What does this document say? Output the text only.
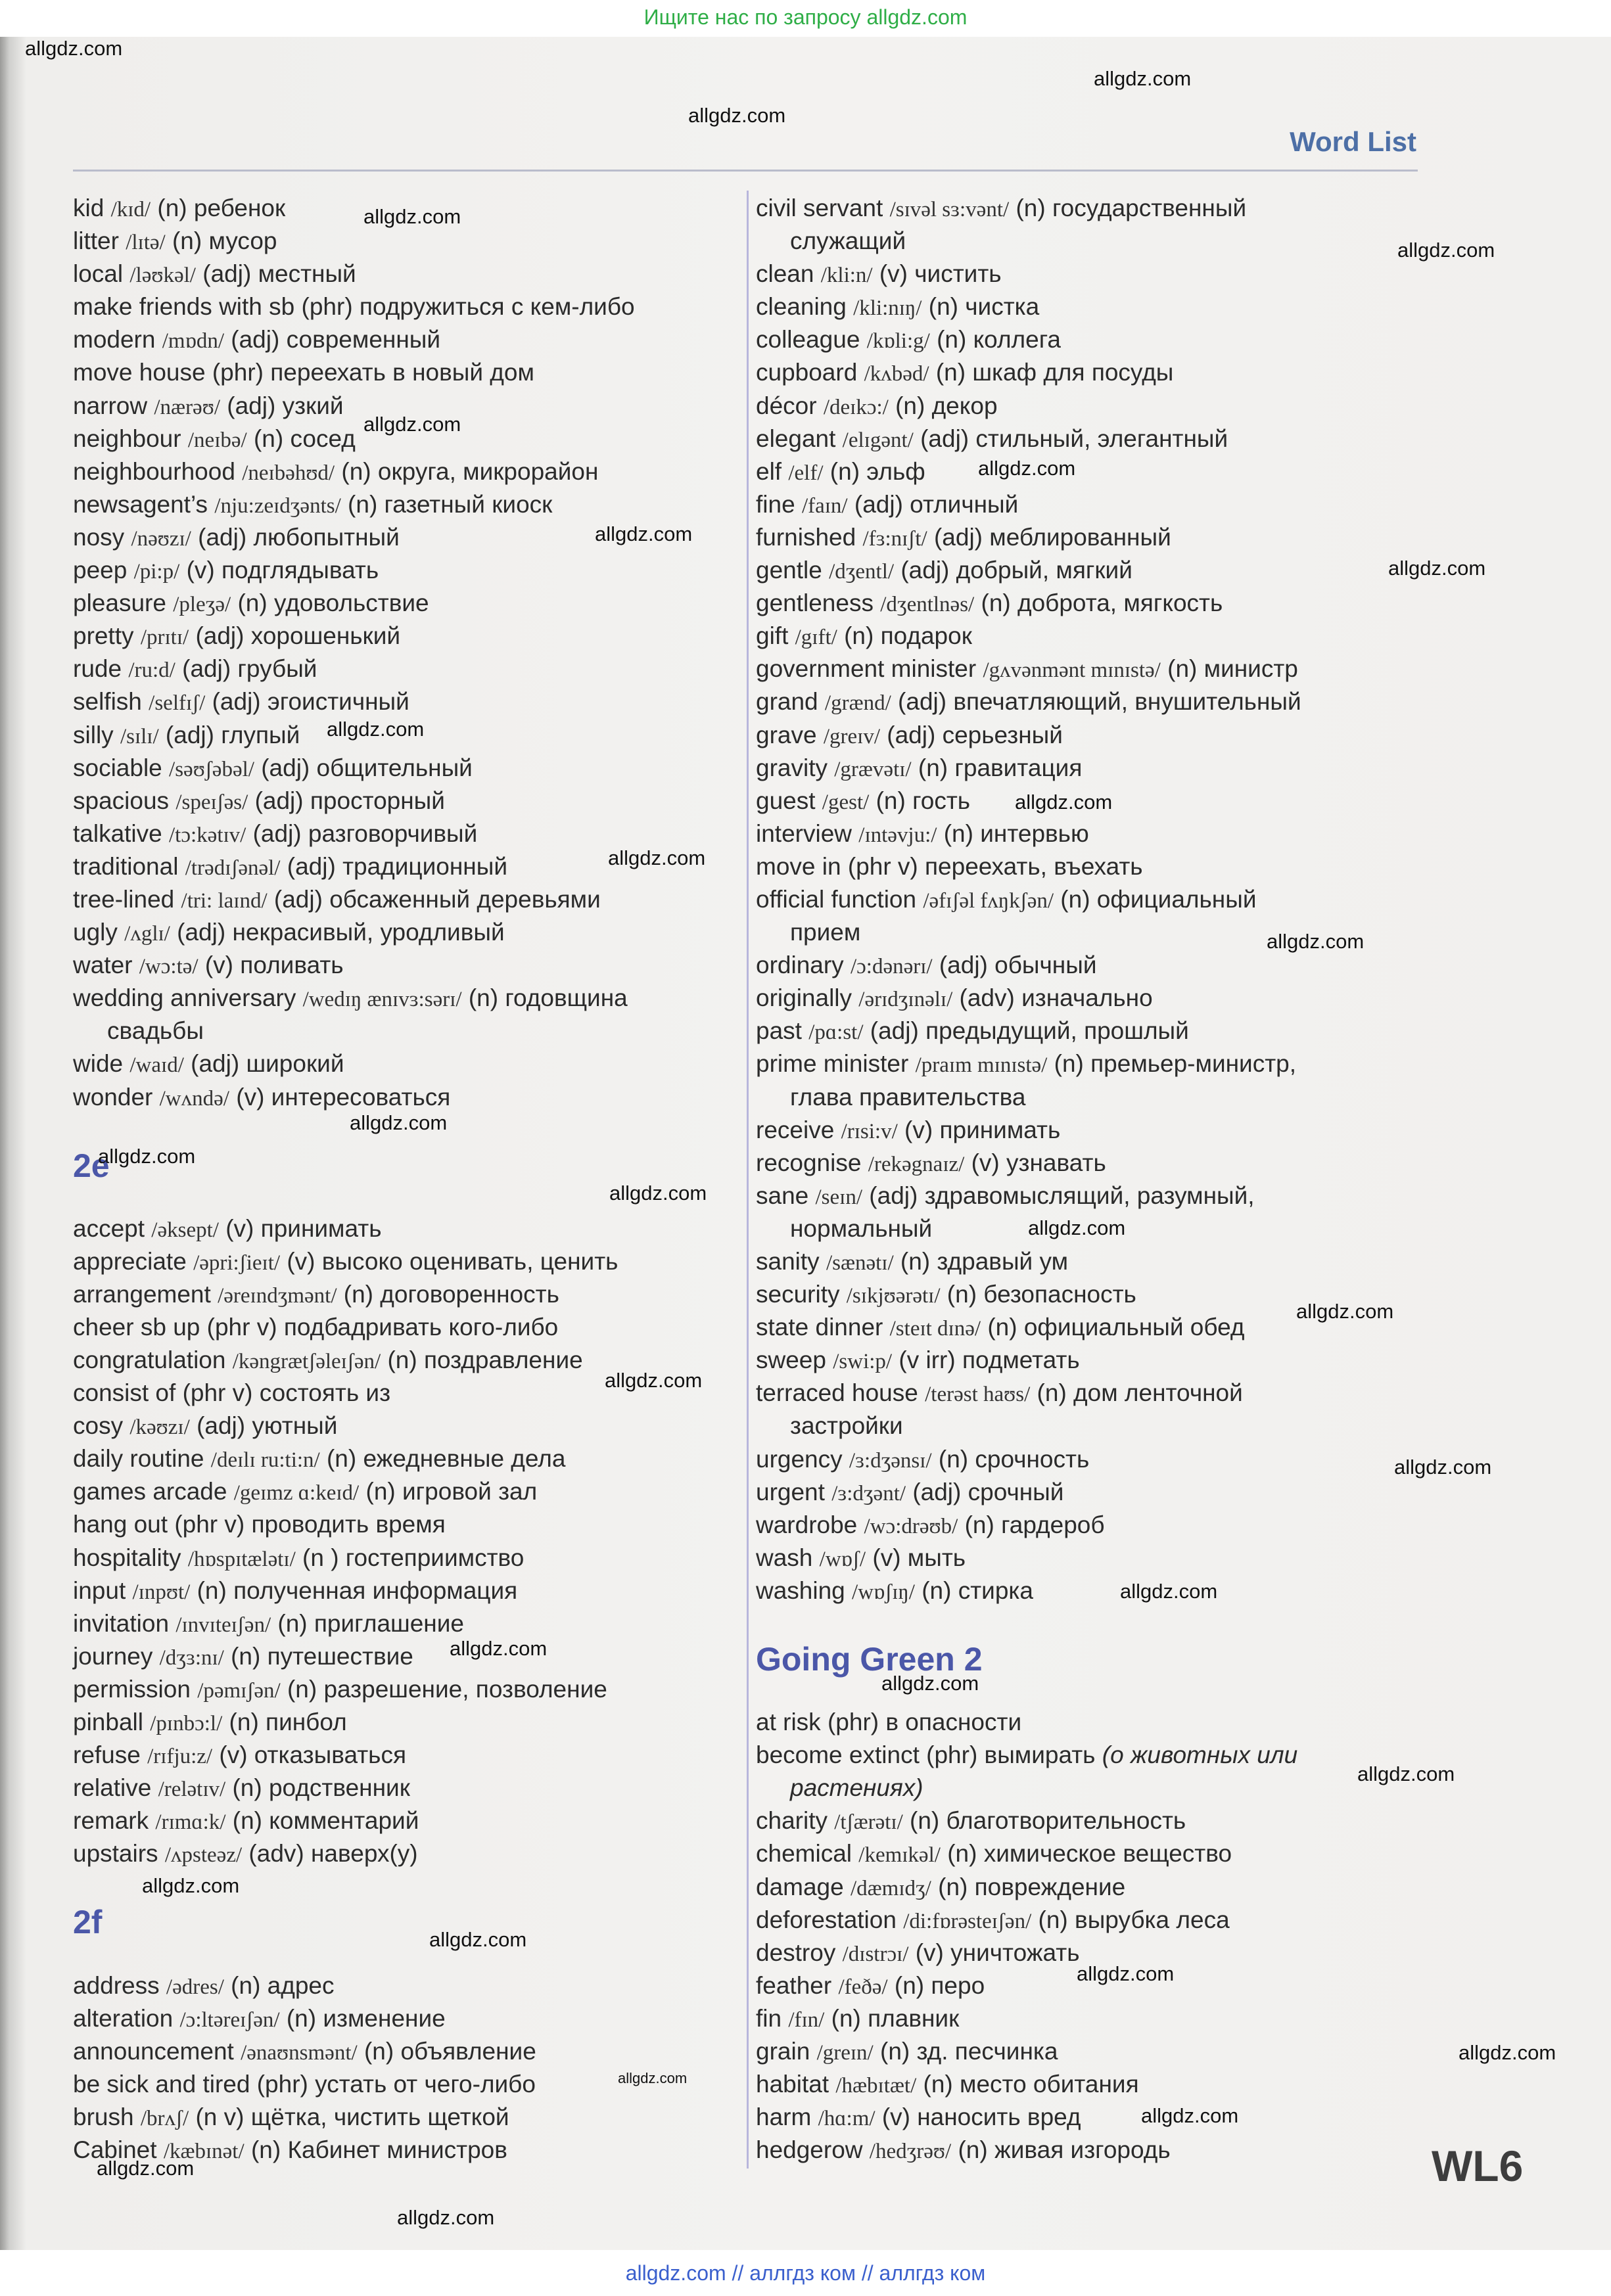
Ищите нас по запросу allgdz.com
Word List
kid /kɪd/ (n) ребенок
litter /lɪtə/ (n) мусор
local /ləʊkəl/ (adj) местный
make friends with sb (phr) подружиться с кем-либо
modern /mɒdn/ (adj) современный
move house (phr) переехать в новый дом
narrow /nærəʊ/ (adj) узкий
neighbour /neɪbə/ (n) сосед
neighbourhood /neɪbəhʊd/ (n) округа, микрорайон
newsagent’s /nju:zeɪdʒənts/ (n) газетный киоск
nosy /nəʊzɪ/ (adj) любопытный
peep /pi:p/ (v) подглядывать
pleasure /pleʒə/ (n) удовольствие
pretty /prɪtɪ/ (adj) хорошенький
rude /ru:d/ (adj) грубый
selfish /selfɪʃ/ (adj) эгоистичный
silly /sɪlɪ/ (adj) глупый
sociable /səʊʃəbəl/ (adj) общительный
spacious /speɪʃəs/ (adj) просторный
talkative /tɔ:kətɪv/ (adj) разговорчивый
traditional /trədɪʃənəl/ (adj) традиционный
tree-lined /tri: laɪnd/ (adj) обсаженный деревьями
ugly /ʌglɪ/ (adj) некрасивый, уродливый
water /wɔ:tə/ (v) поливать
wedding anniversary /wedɪŋ ænɪvɜ:sərɪ/ (n) годовщина
свадьбы
wide /waɪd/ (adj) широкий
wonder /wʌndə/ (v) интересоваться
2e
accept /əksept/ (v) принимать
appreciate /əpri:ʃieɪt/ (v) высоко оценивать, ценить
arrangement /əreɪndʒmənt/ (n) договоренность
cheer sb up (phr v) подбадривать кого-либо
congratulation /kəngrætʃəleɪʃən/ (n) поздравление
consist of (phr v) состоять из
cosy /kəʊzɪ/ (adj) уютный
daily routine /deɪlɪ ru:ti:n/ (n) ежедневные дела
games arcade /geɪmz ɑ:keɪd/ (n) игровой зал
hang out (phr v) проводить время
hospitality /hɒspɪtælətɪ/ (n ) гостеприимство
input /ɪnpʊt/ (n) полученная информация
invitation /ɪnvɪteɪʃən/ (n) приглашение
journey /dʒɜ:nɪ/ (n) путешествие
permission /pəmɪʃən/ (n) разрешение, позволение
pinball /pɪnbɔ:l/ (n) пинбол
refuse /rɪfju:z/ (v) отказываться
relative /relətɪv/ (n) родственник
remark /rɪmɑ:k/ (n) комментарий
upstairs /ʌpsteəz/ (adv) наверх(у)
2f
address /ədres/ (n) адрес
alteration /ɔ:ltəreɪʃən/ (n) изменение
announcement /ənaʊnsmənt/ (n) объявление
be sick and tired (phr) устать от чего-либо
brush /brʌʃ/ (n v) щётка, чистить щеткой
Cabinet /kæbɪnət/ (n) Кабинет министров
civil servant /sɪvəl sɜ:vənt/ (n) государственный
служащий
clean /kli:n/ (v) чистить
cleaning /kli:nɪŋ/ (n) чистка
colleague /kɒli:g/ (n) коллега
cupboard /kʌbəd/ (n) шкаф для посуды
décor /deɪkɔ:/ (n) декор
elegant /elɪgənt/ (adj) стильный, элегантный
elf /elf/ (n) эльф
fine /faɪn/ (adj) отличный
furnished /fɜ:nɪʃt/ (adj) меблированный
gentle /dʒentl/ (adj) добрый, мягкий
gentleness /dʒentlnəs/ (n) доброта, мягкость
gift /gɪft/ (n) подарок
government minister /gʌvənmənt mɪnɪstə/ (n) министр
grand /grænd/ (adj) впечатляющий, внушительный
grave /greɪv/ (adj) серьезный
gravity /grævətɪ/ (n) гравитация
guest /gest/ (n) гость
interview /ɪntəvju:/ (n) интервью
move in (phr v) переехать, въехать
official function /əfɪʃəl fʌŋkʃən/ (n) официальный
прием
ordinary /ɔ:dənərɪ/ (adj) обычный
originally /ərɪdʒɪnəlɪ/ (adv) изначально
past /pɑ:st/ (adj) предыдущий, прошлый
prime minister /praɪm mɪnɪstə/ (n) премьер-министр,
глава правительства
receive /rɪsi:v/ (v) принимать
recognise /rekəgnaɪz/ (v) узнавать
sane /seɪn/ (adj) здравомыслящий, разумный,
нормальный
sanity /sænətɪ/ (n) здравый ум
security /sɪkjʊərətɪ/ (n) безопасность
state dinner /steɪt dɪnə/ (n) официальный обед
sweep /swi:p/ (v irr) подметать
terraced house /terəst haʊs/ (n) дом ленточной
застройки
urgency /ɜ:dʒənsɪ/ (n) срочность
urgent /ɜ:dʒənt/ (adj) срочный
wardrobe /wɔ:drəʊb/ (n) гардероб
wash /wɒʃ/ (v) мыть
washing /wɒʃɪŋ/ (n) стирка
Going Green 2
at risk (phr) в опасности
become extinct (phr) вымирать (о животных или
растениях)
charity /tʃærətɪ/ (n) благотворительность
chemical /kemɪkəl/ (n) химическое вещество
damage /dæmɪdʒ/ (n) повреждение
deforestation /di:fɒrəsteɪʃən/ (n) вырубка леса
destroy /dɪstrɔɪ/ (v) уничтожать
feather /feðə/ (n) перо
fin /fɪn/ (n) плавник
grain /greɪn/ (n) зд. песчинка
habitat /hæbɪtæt/ (n) место обитания
harm /hɑ:m/ (v) наносить вред
hedgerow /hedʒrəʊ/ (n) живая изгородь	WL6
allgdz.com // аллгдз ком // аллгдз ком
allgdz.com
allgdz.com
allgdz.com
allgdz.com
allgdz.com
allgdz.com
allgdz.com
allgdz.com
allgdz.com
allgdz.com
allgdz.com
allgdz.com
allgdz.com
allgdz.com
allgdz.com
allgdz.com
allgdz.com
allgdz.com
allgdz.com
allgdz.com
allgdz.com
allgdz.com
allgdz.com
allgdz.com
allgdz.com
allgdz.com
allgdz.com
allgdz.com
allgdz.com
allgdz.com
allgdz.com
allgdz.com
